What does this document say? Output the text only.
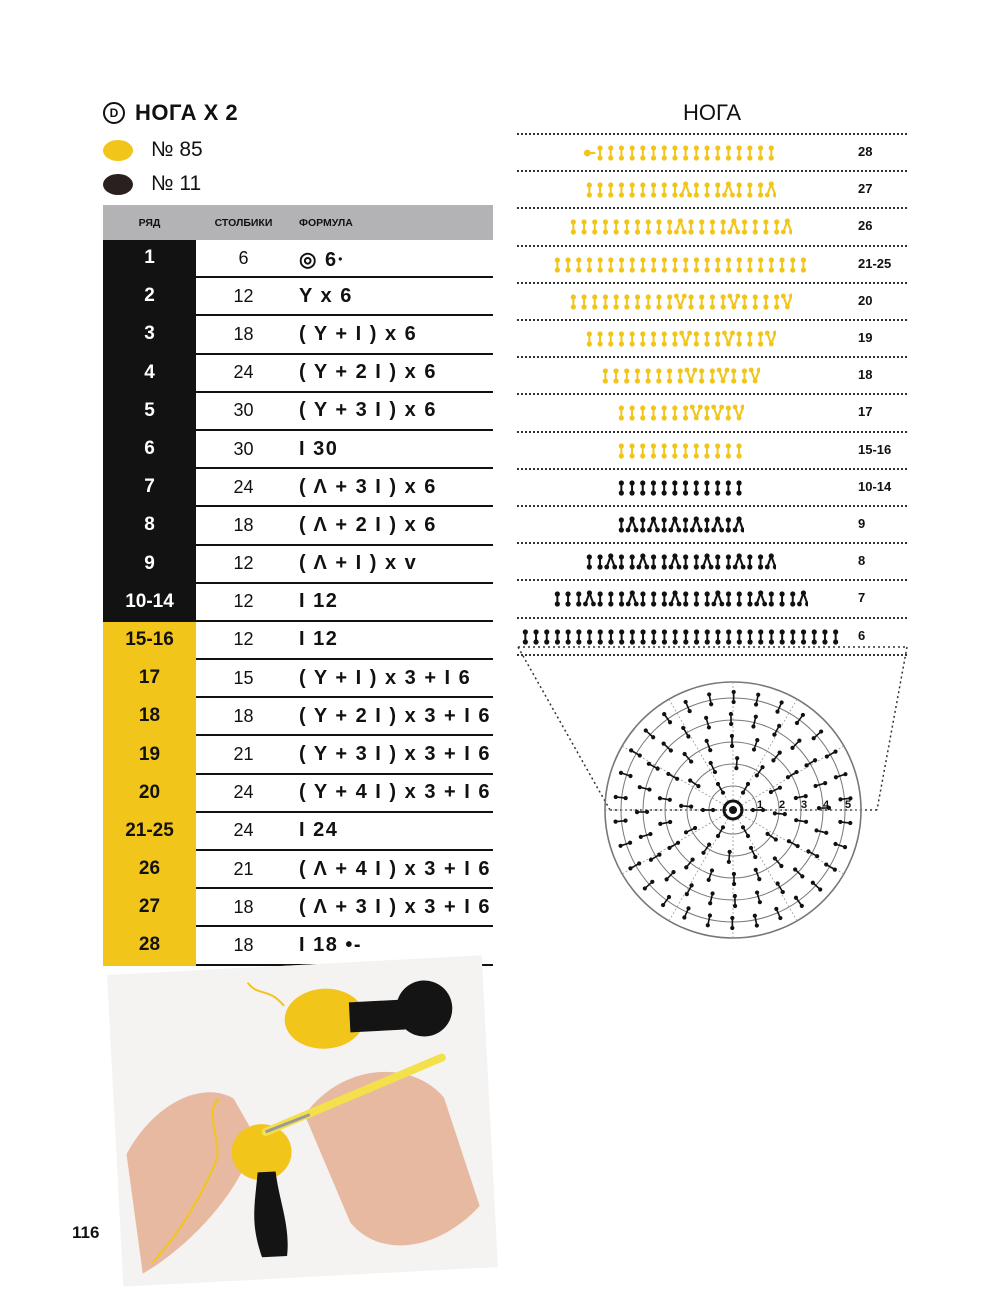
D НОГА Х 2
№ 85
№ 11
РЯД	СТОЛБИКИ	ФОРМУЛА
1	6	◎ 6⸱
2	12	Y x 6
3	18	( Y + I ) x 6
4	24	( Y + 2 I ) x 6
5	30	( Y + 3 I ) x 6
6	30	I 30
7	24	( Λ + 3 I ) x 6
8	18	( Λ + 2 I ) x 6
9	12	( Λ + I ) x v
10-14	12	I 12
15-16	12	I 12
17	15	( Y + I ) x 3 + I 6
18	18	( Y + 2 I ) x 3 + I 6
19	21	( Y + 3 I ) x 3 + I 6
20	24	( Y + 4 I ) x 3 + I 6
21-25	24	I 24
26	21	( Λ + 4 I ) x 3 + I 6
27	18	( Λ + 3 I ) x 3 + I 6
28	18	I 18 •-
НОГА
28
27
26
21-25
20
19
18
17
15-16
10-14
9
8
7
6
1 2 3 4 5
116
